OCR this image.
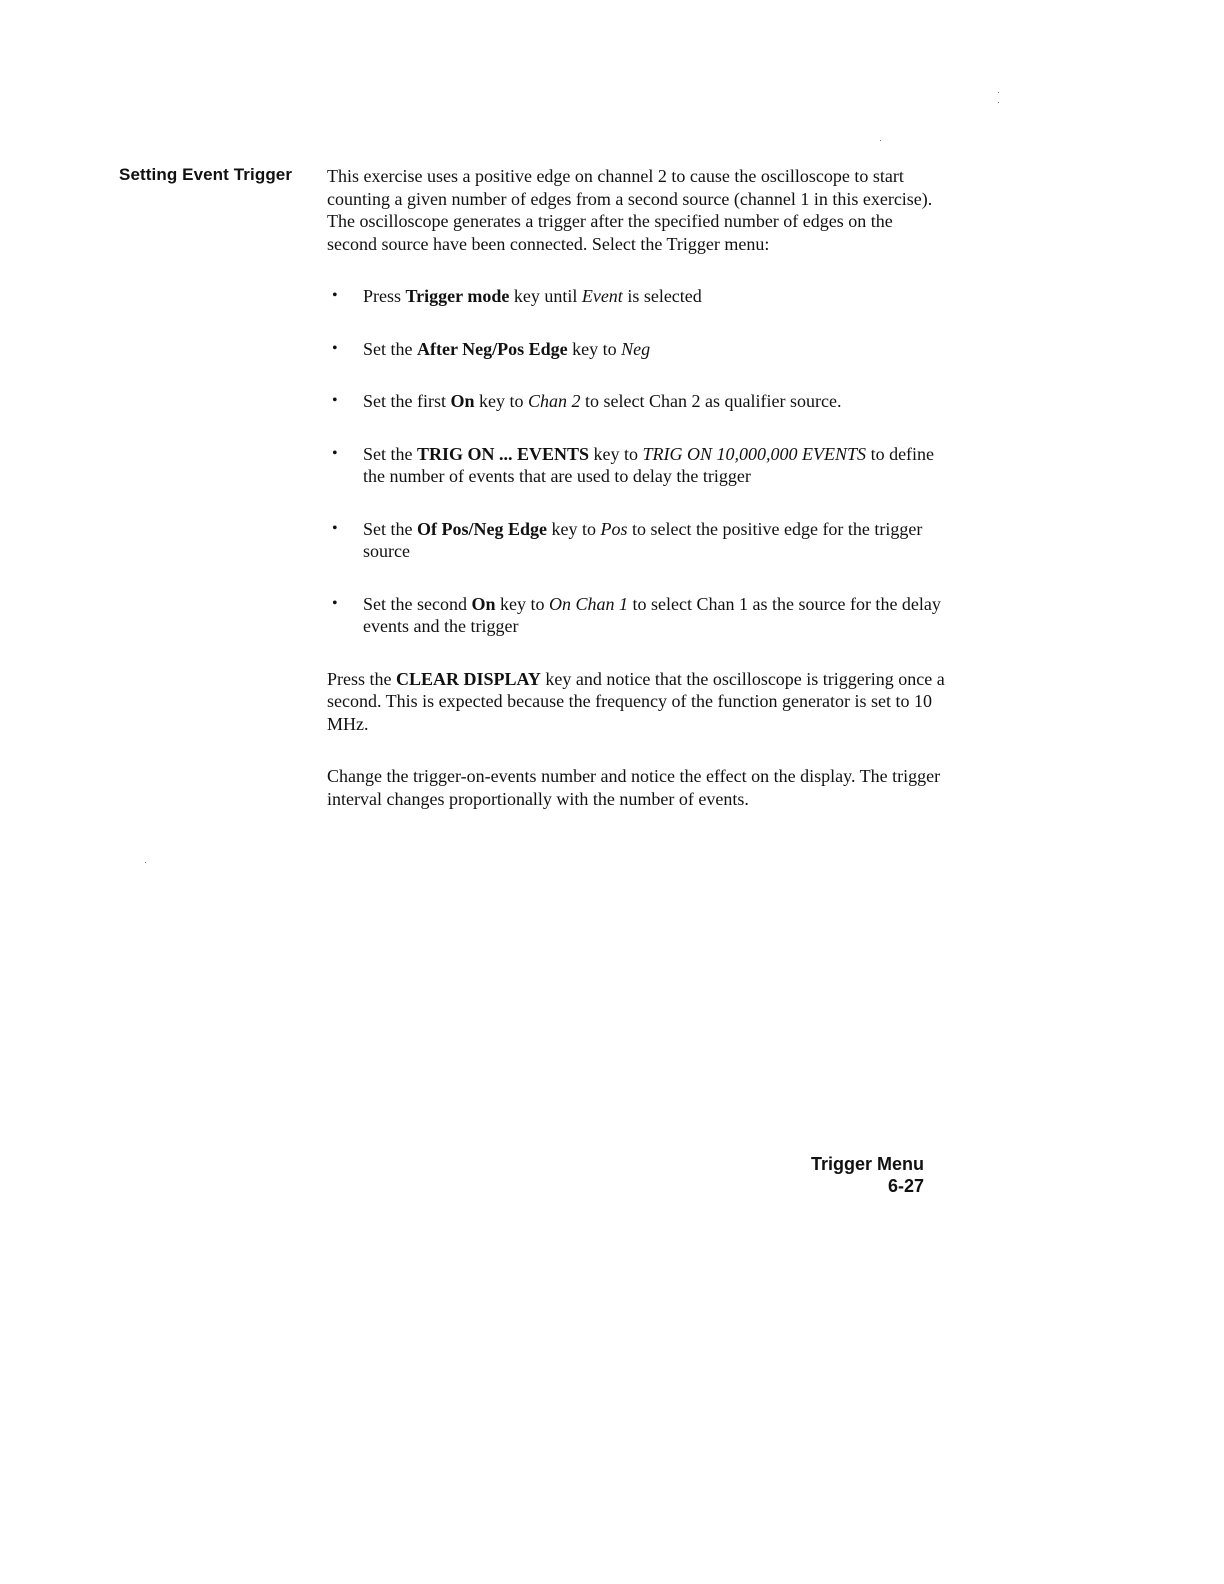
Setting Event Trigger This exercise uses a positive edge on channel 2 to cause the oscilloscope to start counting a given number of edges from a second source (channel 1 in this exercise). The oscilloscope generates a trigger after the specified number of edges on the second source have been connected. Select the Trigger menu:

• Press Trigger mode key until Event is selected
• Set the After Neg/Pos Edge key to Neg
• Set the first On key to Chan 2 to select Chan 2 as qualifier source.
• Set the TRIG ON ... EVENTS key to TRIG ON 10,000,000 EVENTS to define the number of events that are used to delay the trigger
• Set the Of Pos/Neg Edge key to Pos to select the positive edge for the trigger source
• Set the second On key to On Chan 1 to select Chan 1 as the source for the delay events and the trigger

Press the CLEAR DISPLAY key and notice that the oscilloscope is triggering once a second. This is expected because the frequency of the function generator is set to 10 MHz.

Change the trigger-on-events number and notice the effect on the display. The trigger interval changes proportionally with the number of events.

Trigger Menu
6-27
